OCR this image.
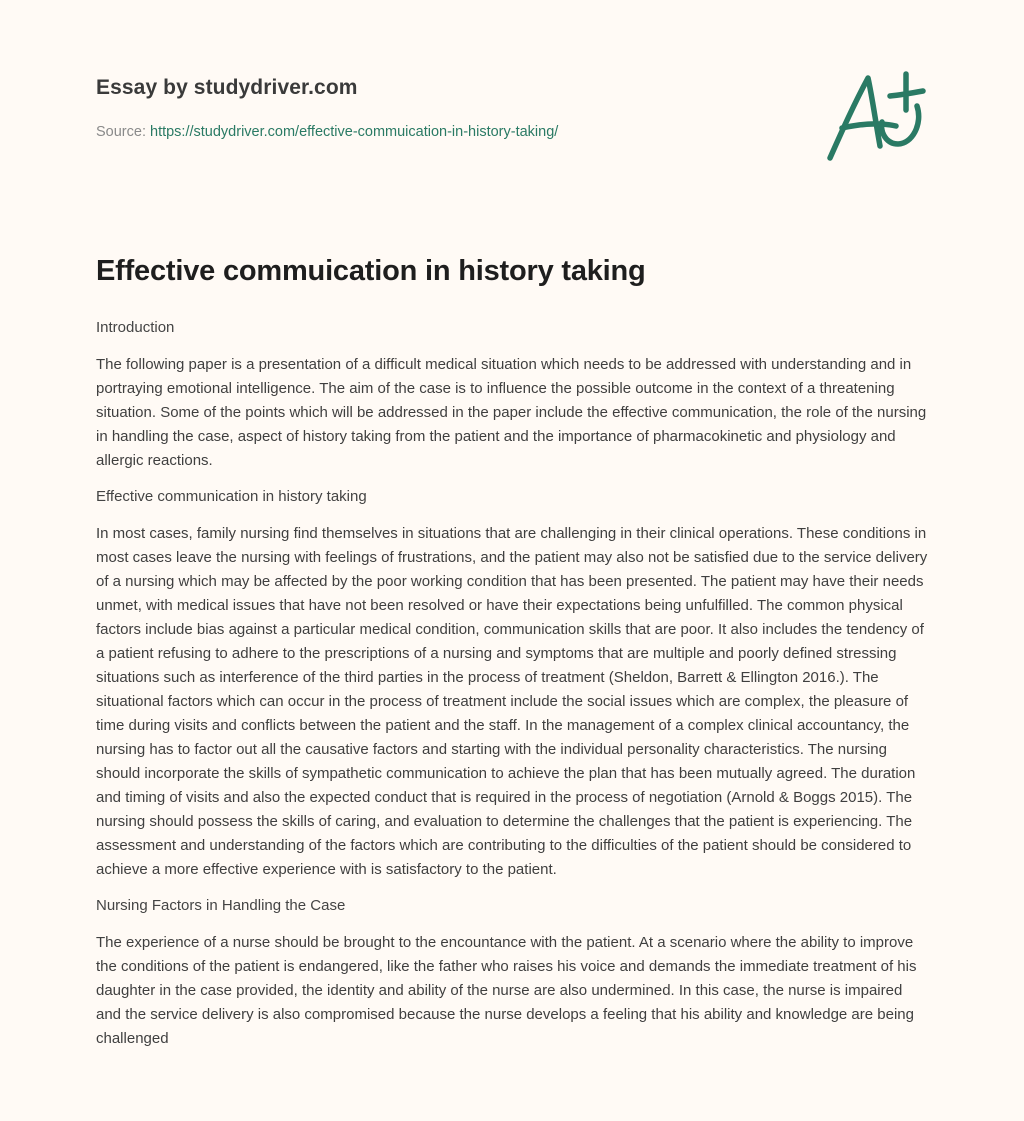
Essay by studydriver.com
Source: https://studydriver.com/effective-commuication-in-history-taking/
Effective commuication in history taking
Introduction

The following paper is a presentation of a difficult medical situation which needs to be addressed with understanding and in portraying emotional intelligence. The aim of the case is to influence the possible outcome in the context of a threatening situation. Some of the points which will be addressed in the paper include the effective communication, the role of the nursing in handling the case, aspect of history taking from the patient and the importance of pharmacokinetic and physiology and allergic reactions.

Effective communication in history taking

In most cases, family nursing find themselves in situations that are challenging in their clinical operations. These conditions in most cases leave the nursing with feelings of frustrations, and the patient may also not be satisfied due to the service delivery of a nursing which may be affected by the poor working condition that has been presented. The patient may have their needs unmet, with medical issues that have not been resolved or have their expectations being unfulfilled. The common physical factors include bias against a particular medical condition, communication skills that are poor. It also includes the tendency of a patient refusing to adhere to the prescriptions of a nursing and symptoms that are multiple and poorly defined stressing situations such as interference of the third parties in the process of treatment (Sheldon, Barrett & Ellington 2016.). The situational factors which can occur in the process of treatment include the social issues which are complex, the pleasure of time during visits and conflicts between the patient and the staff. In the management of a complex clinical accountancy, the nursing has to factor out all the causative factors and starting with the individual personality characteristics. The nursing should incorporate the skills of sympathetic communication to achieve the plan that has been mutually agreed. The duration and timing of visits and also the expected conduct that is required in the process of negotiation (Arnold & Boggs 2015). The nursing should possess the skills of caring, and evaluation to determine the challenges that the patient is experiencing. The assessment and understanding of the factors which are contributing to the difficulties of the patient should be considered to achieve a more effective experience with is satisfactory to the patient.

Nursing Factors in Handling the Case

The experience of a nurse should be brought to the encountance with the patient. At a scenario where the ability to improve the conditions of the patient is endangered, like the father who raises his voice and demands the immediate treatment of his daughter in the case provided, the identity and ability of the nurse are also undermined. In this case, the nurse is impaired and the service delivery is also compromised because the nurse develops a feeling that his ability and knowledge are being challenged
